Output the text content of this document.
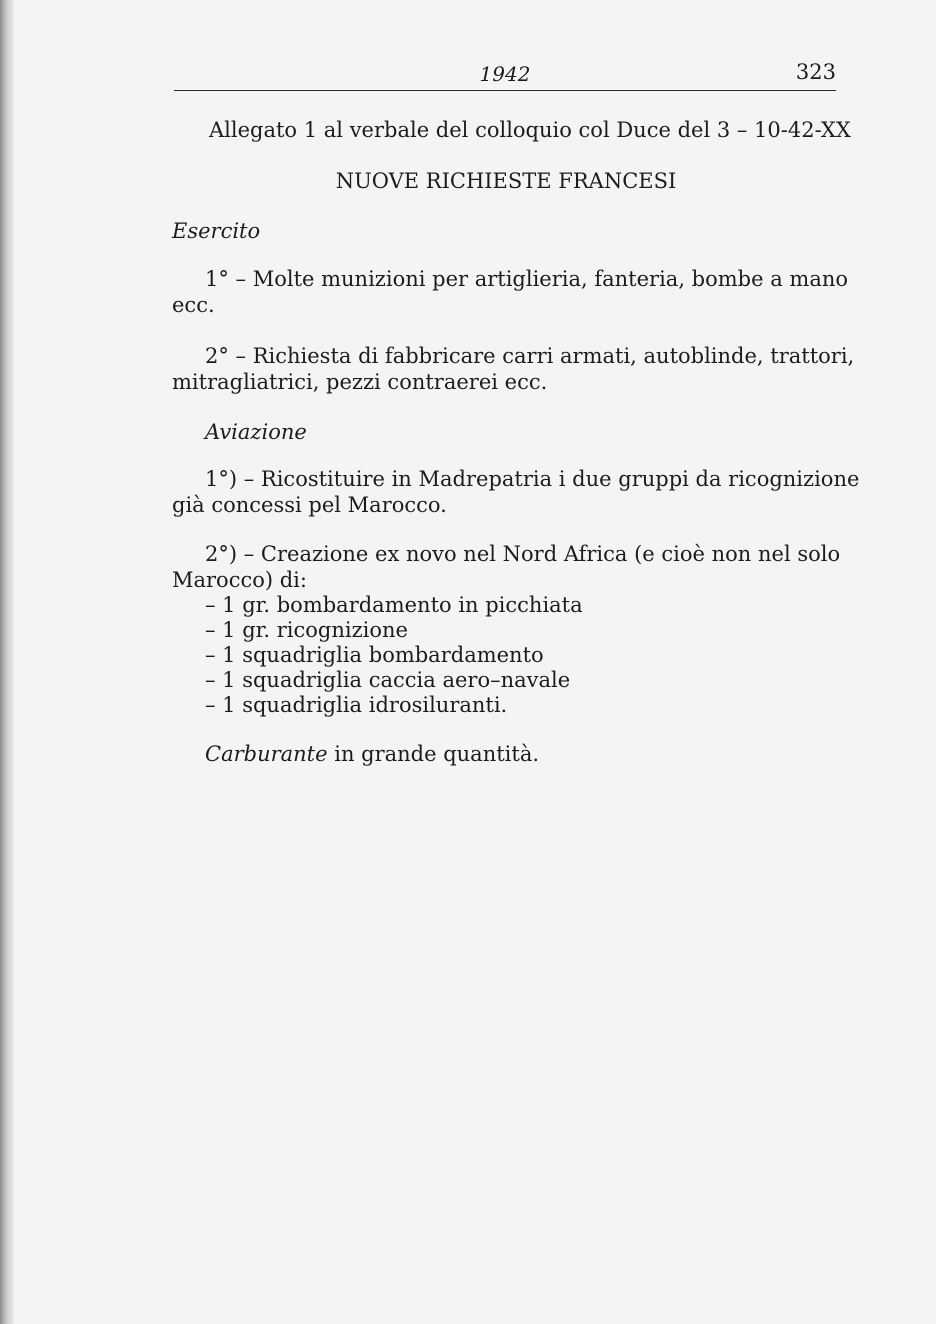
1942	323
Allegato 1 al verbale del colloquio col Duce del 3 – 10-42-XX
NUOVE RICHIESTE FRANCESI
Esercito
1° – Molte munizioni per artiglieria, fanteria, bombe a mano
ecc.
2° – Richiesta di fabbricare carri armati, autoblinde, trattori,
mitragliatrici, pezzi contraerei ecc.
Aviazione
1°) – Ricostituire in Madrepatria i due gruppi da ricognizione
già concessi pel Marocco.
2°) – Creazione ex novo nel Nord Africa (e cioè non nel solo
Marocco) di:
– 1 gr. bombardamento in picchiata
– 1 gr. ricognizione
– 1 squadriglia bombardamento
– 1 squadriglia caccia aero–navale
– 1 squadriglia idrosiluranti.
Carburante in grande quantità.
